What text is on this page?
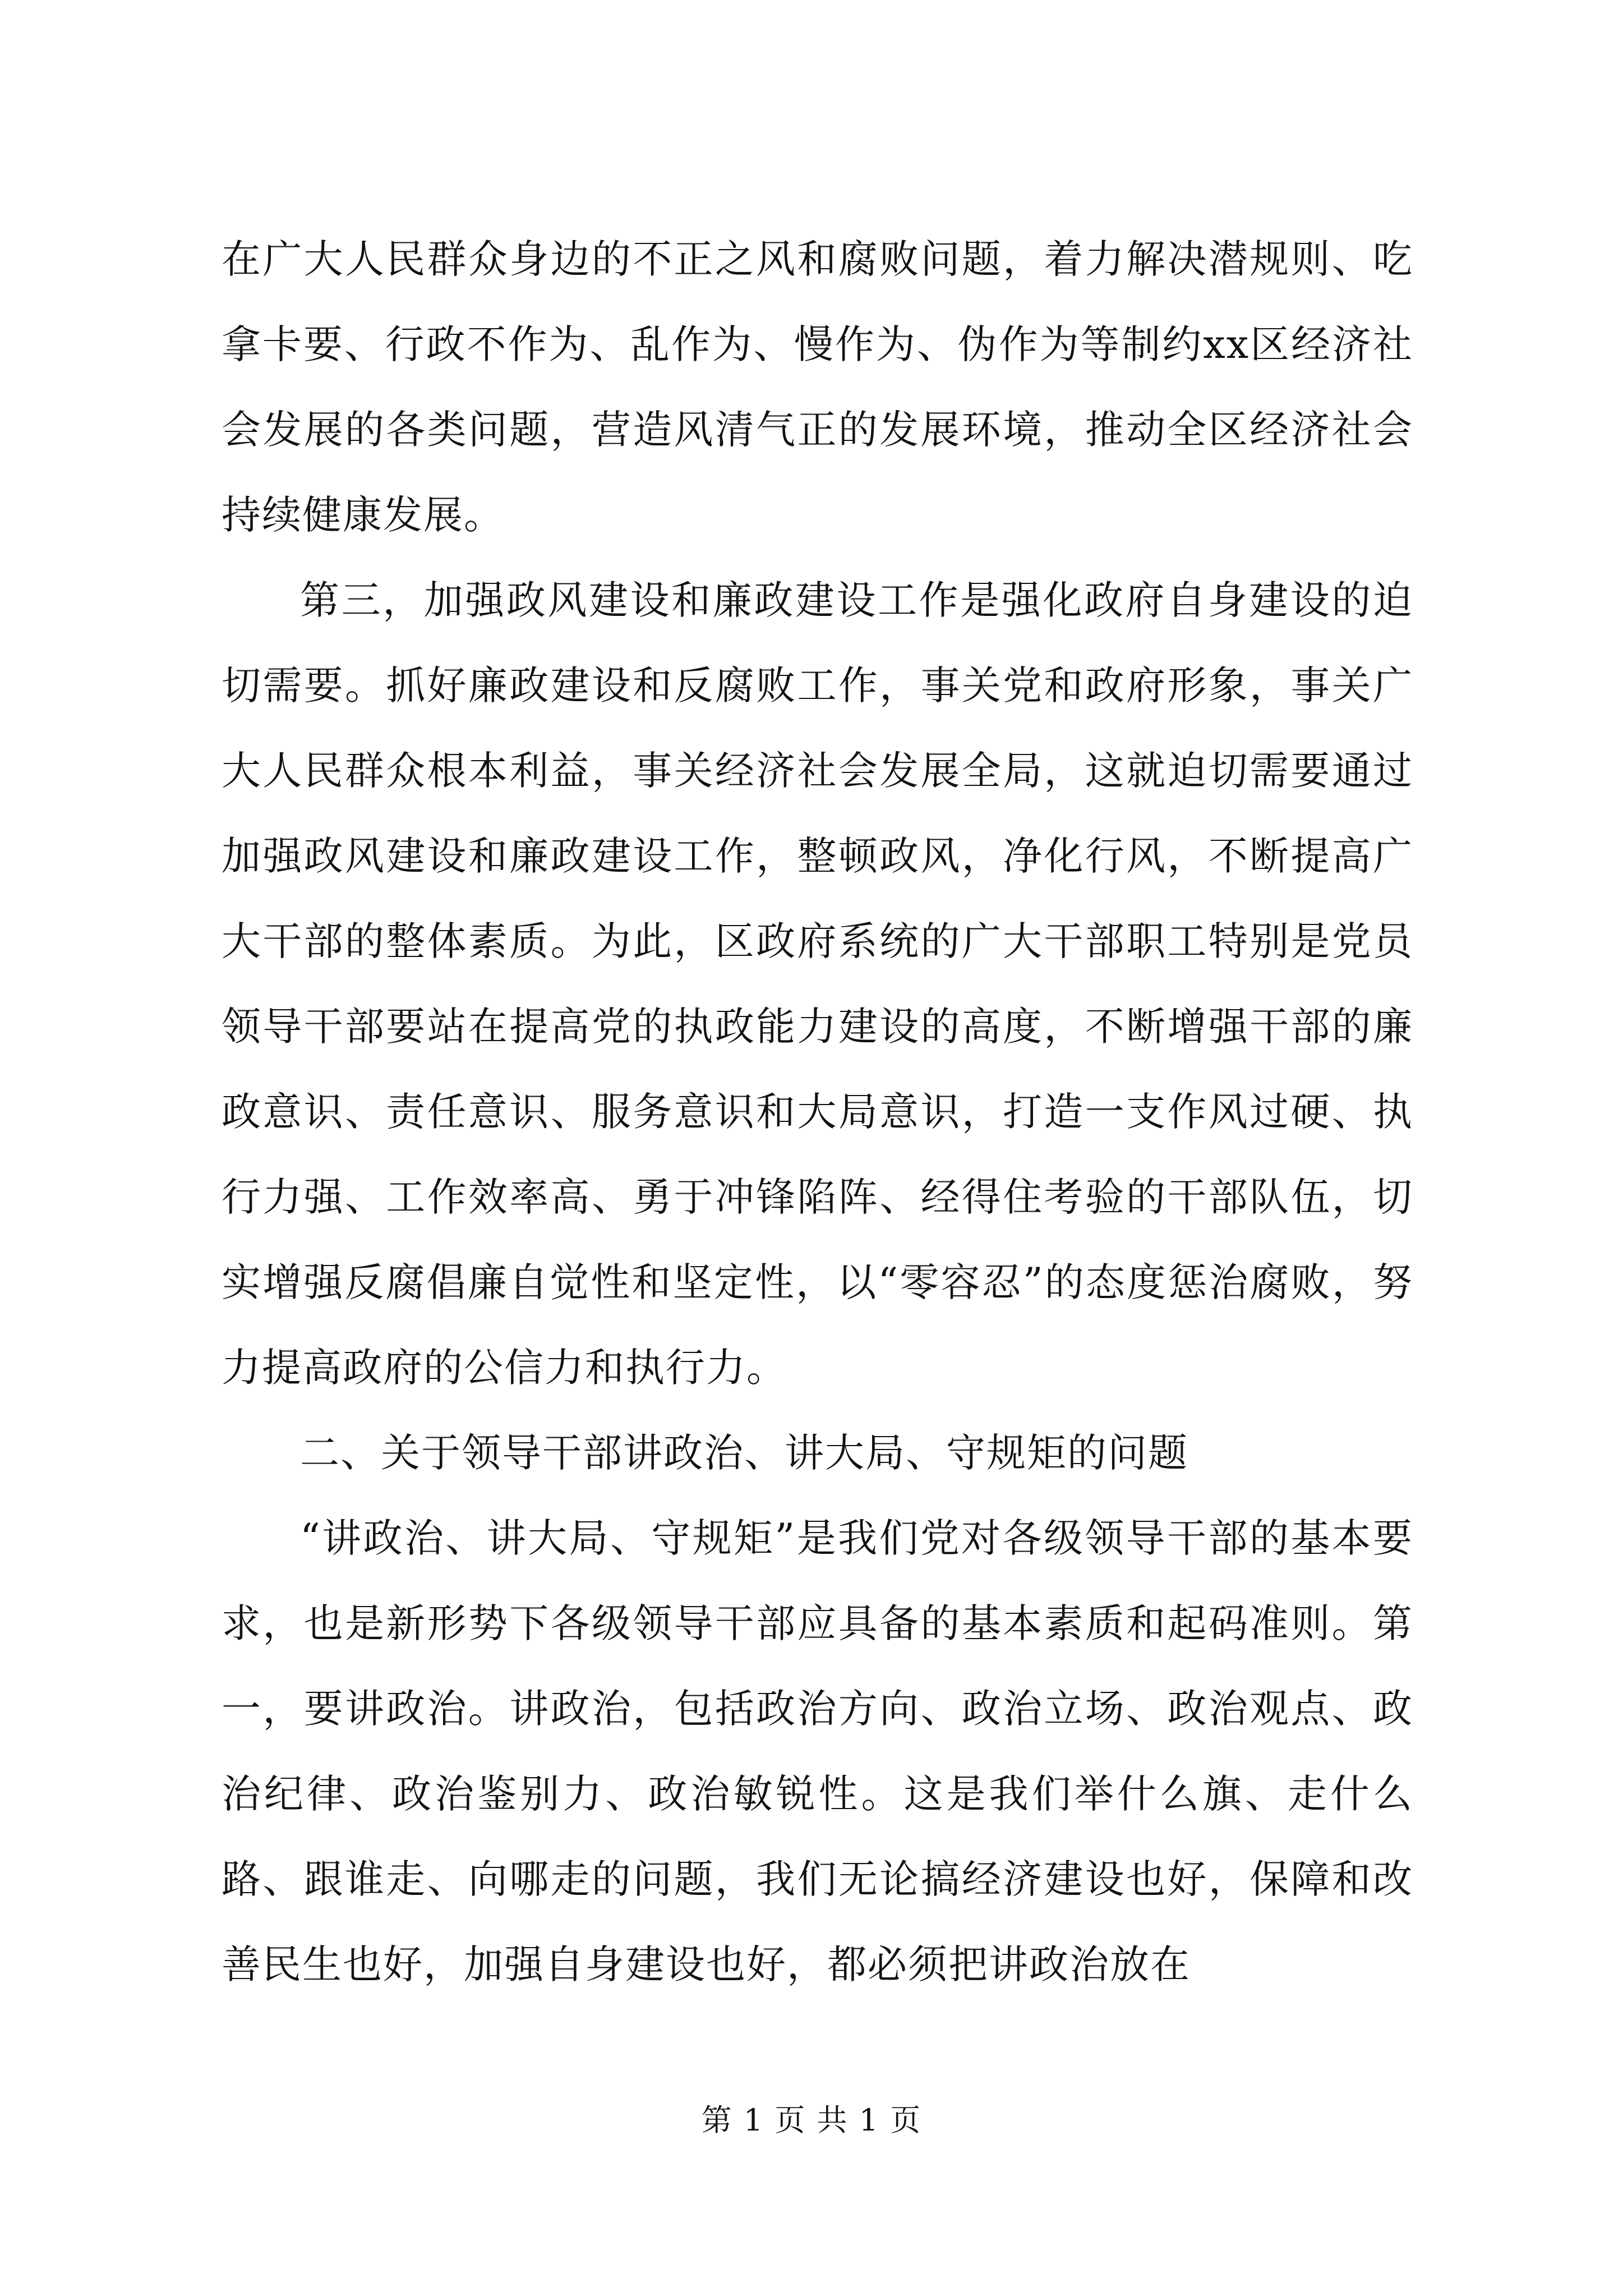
在广大人民群众身边的不正之风和腐败问题，着力解决潜规则、吃拿卡要、行政不作为、乱作为、慢作为、伪作为等制约xx区经济社会发展的各类问题，营造风清气正的发展环境，推动全区经济社会持续健康发展。

第三，加强政风建设和廉政建设工作是强化政府自身建设的迫切需要。抓好廉政建设和反腐败工作，事关党和政府形象，事关广大人民群众根本利益，事关经济社会发展全局，这就迫切需要通过加强政风建设和廉政建设工作，整顿政风，净化行风，不断提高广大干部的整体素质。为此，区政府系统的广大干部职工特别是党员领导干部要站在提高党的执政能力建设的高度，不断增强干部的廉政意识、责任意识、服务意识和大局意识，打造一支作风过硬、执行力强、工作效率高、勇于冲锋陷阵、经得住考验的干部队伍，切实增强反腐倡廉自觉性和坚定性，以“零容忍”的态度惩治腐败，努力提高政府的公信力和执行力。

二、关于领导干部讲政治、讲大局、守规矩的问题

“讲政治、讲大局、守规矩”是我们党对各级领导干部的基本要求，也是新形势下各级领导干部应具备的基本素质和起码准则。第一，要讲政治。讲政治，包括政治方向、政治立场、政治观点、政治纪律、政治鉴别力、政治敏锐性。这是我们举什么旗、走什么路、跟谁走、向哪走的问题，我们无论搞经济建设也好，保障和改善民生也好，加强自身建设也好，都必须把讲政治放在

第 1 页 共 1 页
